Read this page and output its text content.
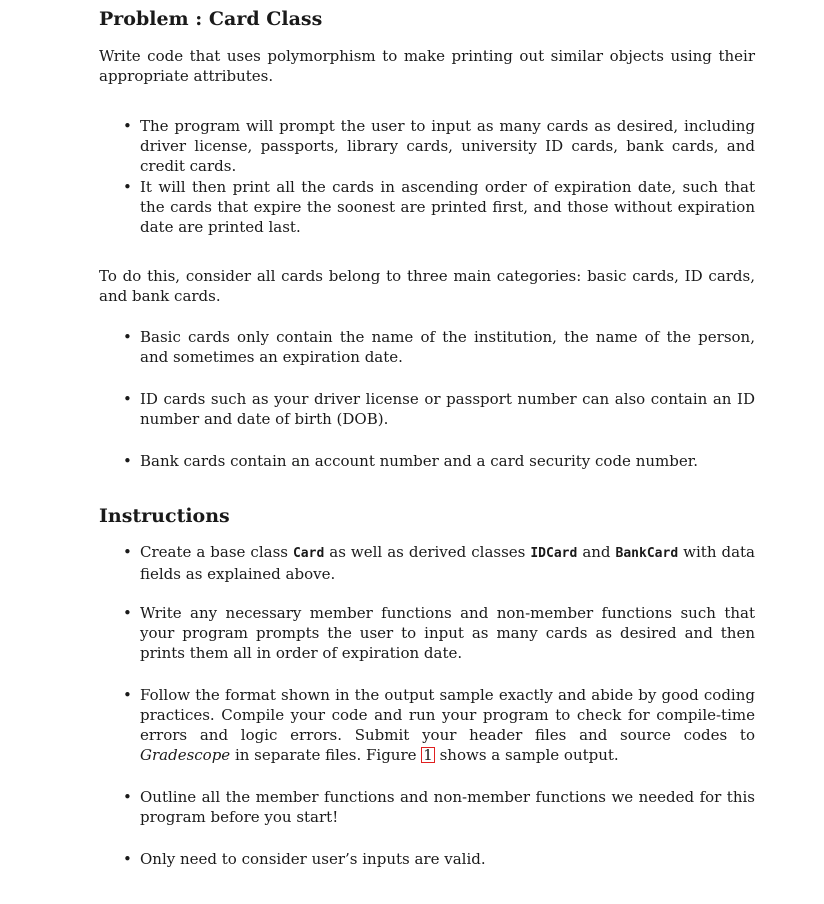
Problem : Card Class

Write code that uses polymorphism to make printing out similar objects using their appropriate attributes.

• The program will prompt the user to input as many cards as desired, including driver license, passports, library cards, university ID cards, bank cards, and credit cards.
• It will then print all the cards in ascending order of expiration date, such that the cards that expire the soonest are printed first, and those without expiration date are printed last.

To do this, consider all cards belong to three main categories: basic cards, ID cards, and bank cards.

• Basic cards only contain the name of the institution, the name of the person, and sometimes an expiration date.
• ID cards such as your driver license or passport number can also contain an ID number and date of birth (DOB).
• Bank cards contain an account number and a card security code number.
Instructions
• Create a base class Card as well as derived classes IDCard and BankCard with data fields as explained above.
• Write any necessary member functions and non-member functions such that your program prompts the user to input as many cards as desired and then prints them all in order of expiration date.
• Follow the format shown in the output sample exactly and abide by good coding practices. Compile your code and run your program to check for compile-time errors and logic errors. Submit your header files and source codes to Gradescope in separate files. Figure 1 shows a sample output.
• Outline all the member functions and non-member functions we needed for this program before you start!
• Only need to consider user’s inputs are valid.
